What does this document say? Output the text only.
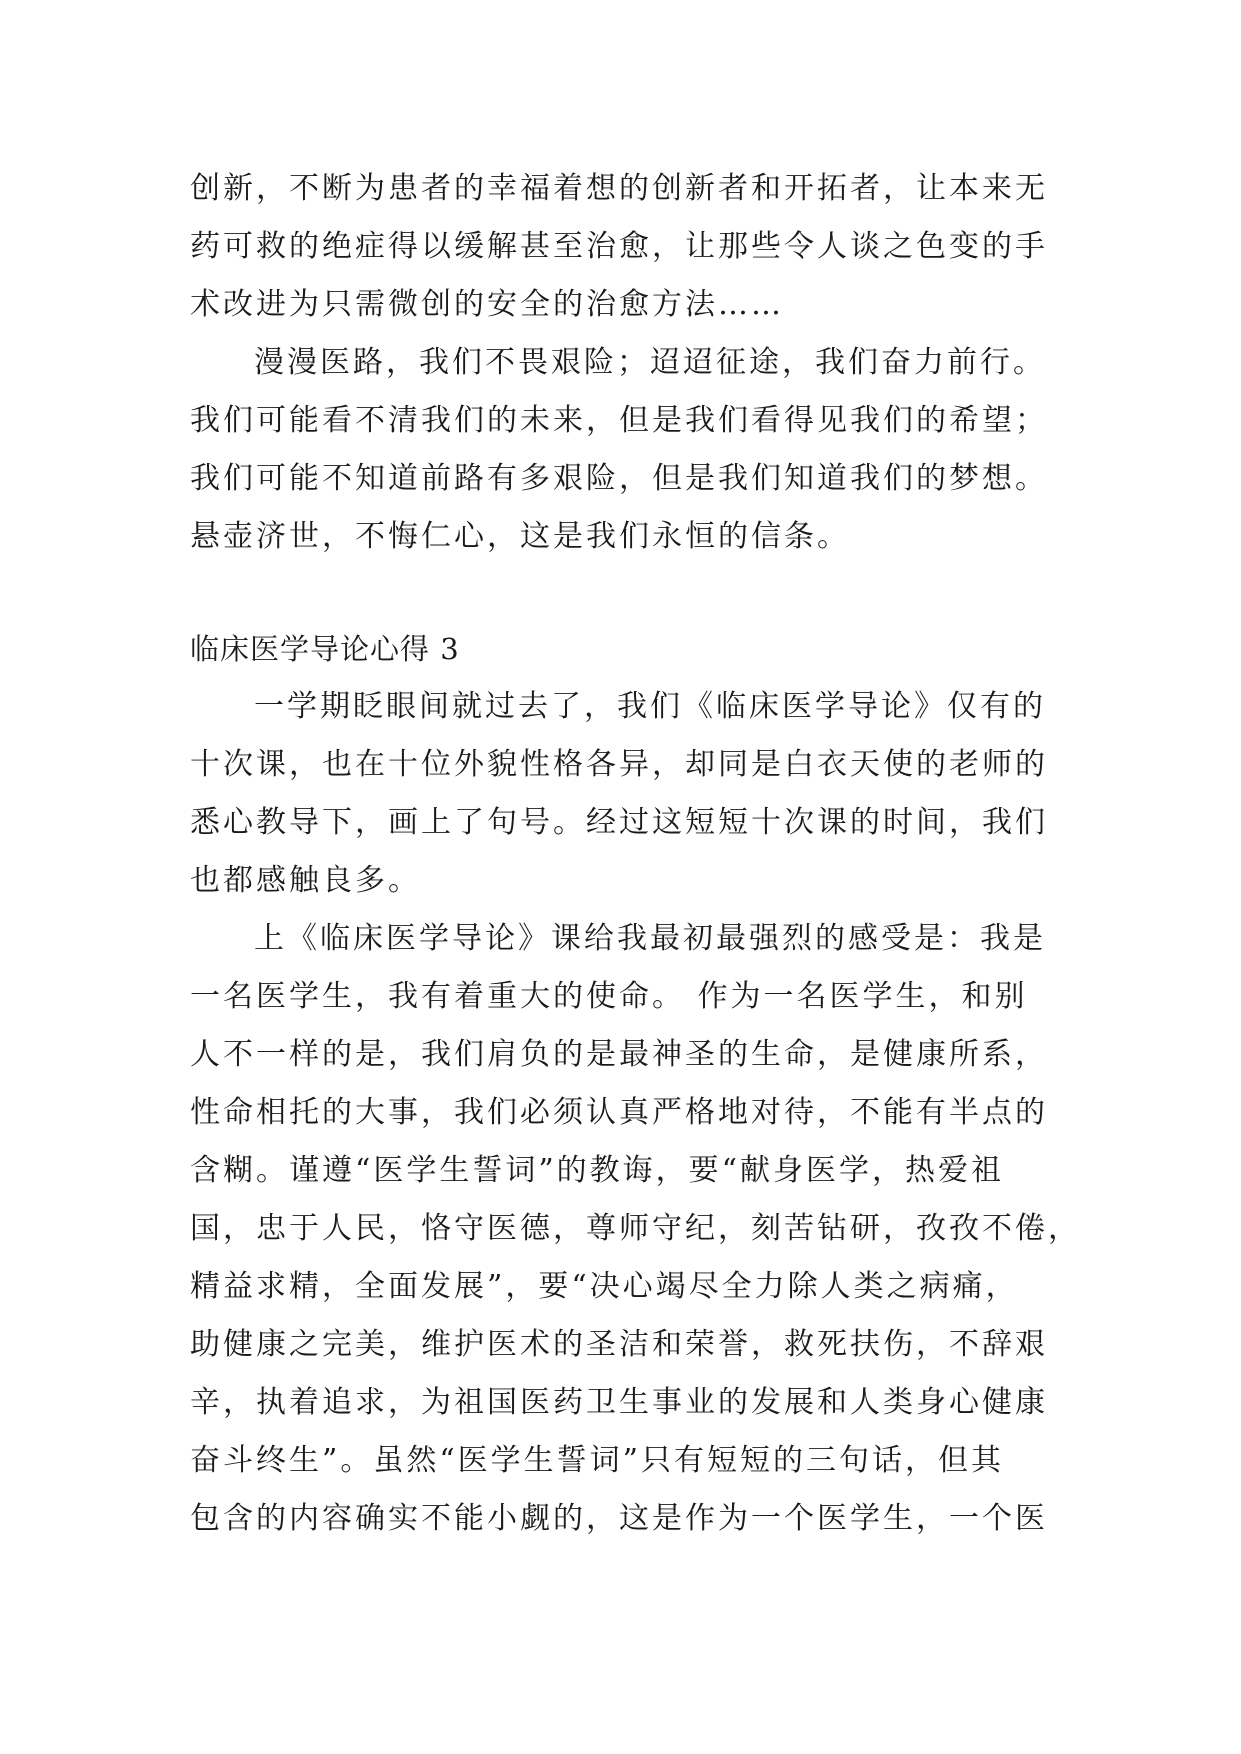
创新，不断为患者的幸福着想的创新者和开拓者，让本来无
药可救的绝症得以缓解甚至治愈，让那些令人谈之色变的手
术改进为只需微创的安全的治愈方法……
漫漫医路，我们不畏艰险；迢迢征途，我们奋力前行。
我们可能看不清我们的未来，但是我们看得见我们的希望；
我们可能不知道前路有多艰险，但是我们知道我们的梦想。
悬壶济世，不悔仁心，这是我们永恒的信条。
临床医学导论心得 3
一学期眨眼间就过去了，我们《临床医学导论》仅有的
十次课，也在十位外貌性格各异，却同是白衣天使的老师的
悉心教导下，画上了句号。经过这短短十次课的时间，我们
也都感触良多。
上《临床医学导论》课给我最初最强烈的感受是：我是
一名医学生，我有着重大的使命。 作为一名医学生，和别
人不一样的是，我们肩负的是最神圣的生命，是健康所系，
性命相托的大事，我们必须认真严格地对待，不能有半点的
含糊。谨遵“医学生誓词”的教诲，要“献身医学，热爱祖
国，忠于人民，恪守医德，尊师守纪，刻苦钻研，孜孜不倦，
精益求精，全面发展”，要“决心竭尽全力除人类之病痛，
助健康之完美，维护医术的圣洁和荣誉，救死扶伤，不辞艰
辛，执着追求，为祖国医药卫生事业的发展和人类身心健康
奋斗终生”。虽然“医学生誓词”只有短短的三句话，但其
包含的内容确实不能小觑的，这是作为一个医学生，一个医
